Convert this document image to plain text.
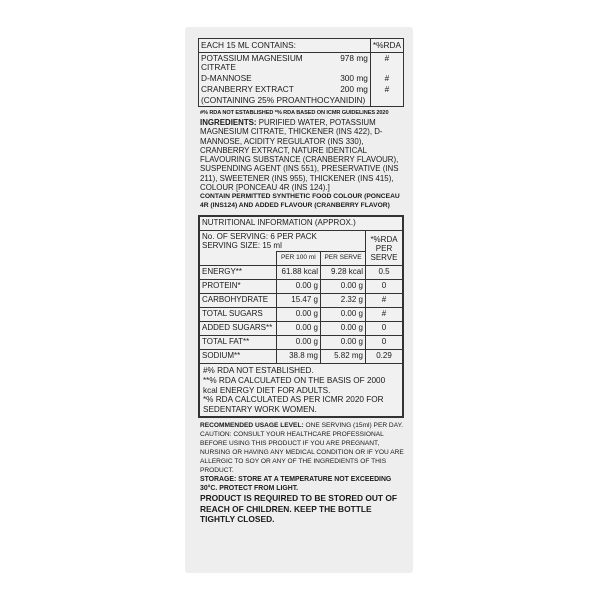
EACH 15 ML CONTAINS:		*%RDA
POTASSIUM MAGNESIUM CITRATE	978 mg	#
D-MANNOSE	300 mg	#
CRANBERRY EXTRACT	200 mg	#
(CONTAINING 25% PROANTHOCYANIDIN)		
#% RDA NOT ESTABLISHED *% RDA BASED ON ICMR GUIDELINES 2020
INGREDIENTS: PURIFIED WATER, POTASSIUM MAGNESIUM CITRATE, THICKENER (INS 422), D-MANNOSE, ACIDITY REGULATOR (INS 330), CRANBERRY EXTRACT, NATURE IDENTICAL FLAVOURING SUBSTANCE (CRANBERRY FLAVOUR), SUSPENDING AGENT (INS 551), PRESERVATIVE (INS 211), SWEETENER (INS 955), THICKENER (INS 415), COLOUR [PONCEAU 4R (INS 124).]
CONTAIN PERMITTED SYNTHETIC FOOD COLOUR (PONCEAU 4R (INS124) AND ADDED FLAVOUR (CRANBERRY FLAVOR)
NUTRITIONAL INFORMATION (APPROX.)			

No. OF SERVING: 6 PER PACK
SERVING SIZE: 15 ml			*%RDA PER SERVE
	PER 100 ml	PER SERVE	
ENERGY**	61.88 kcal	9.28 kcal	0.5
PROTEIN*	0.00 g	0.00 g	0
CARBOHYDRATE	15.47 g	2.32 g	#
TOTAL SUGARS	0.00 g	0.00 g	#
ADDED SUGARS**	0.00 g	0.00 g	0
TOTAL FAT**	0.00 g	0.00 g	0
SODIUM**	38.8 mg	5.82 mg	0.29

#% RDA NOT ESTABLISHED.
**% RDA CALCULATED ON THE BASIS OF 2000 kcal ENERGY DIET FOR ADULTS.
*% RDA CALCULATED AS PER ICMR 2020 FOR SEDENTARY WORK WOMEN.			
RECOMMENDED USAGE LEVEL: ONE SERVING (15ml) PER DAY.
CAUTION: CONSULT YOUR HEALTHCARE PROFESSIONAL BEFORE USING THIS PRODUCT IF YOU ARE PREGNANT, NURSING OR HAVING ANY MEDICAL CONDITION OR IF YOU ARE ALLERGIC TO SOY OR ANY OF THE INGREDIENTS OF THIS PRODUCT.
STORAGE: STORE AT A TEMPERATURE NOT EXCEEDING 30°C. PROTECT FROM LIGHT.
PRODUCT IS REQUIRED TO BE STORED OUT OF REACH OF CHILDREN. KEEP THE BOTTLE TIGHTLY CLOSED.
